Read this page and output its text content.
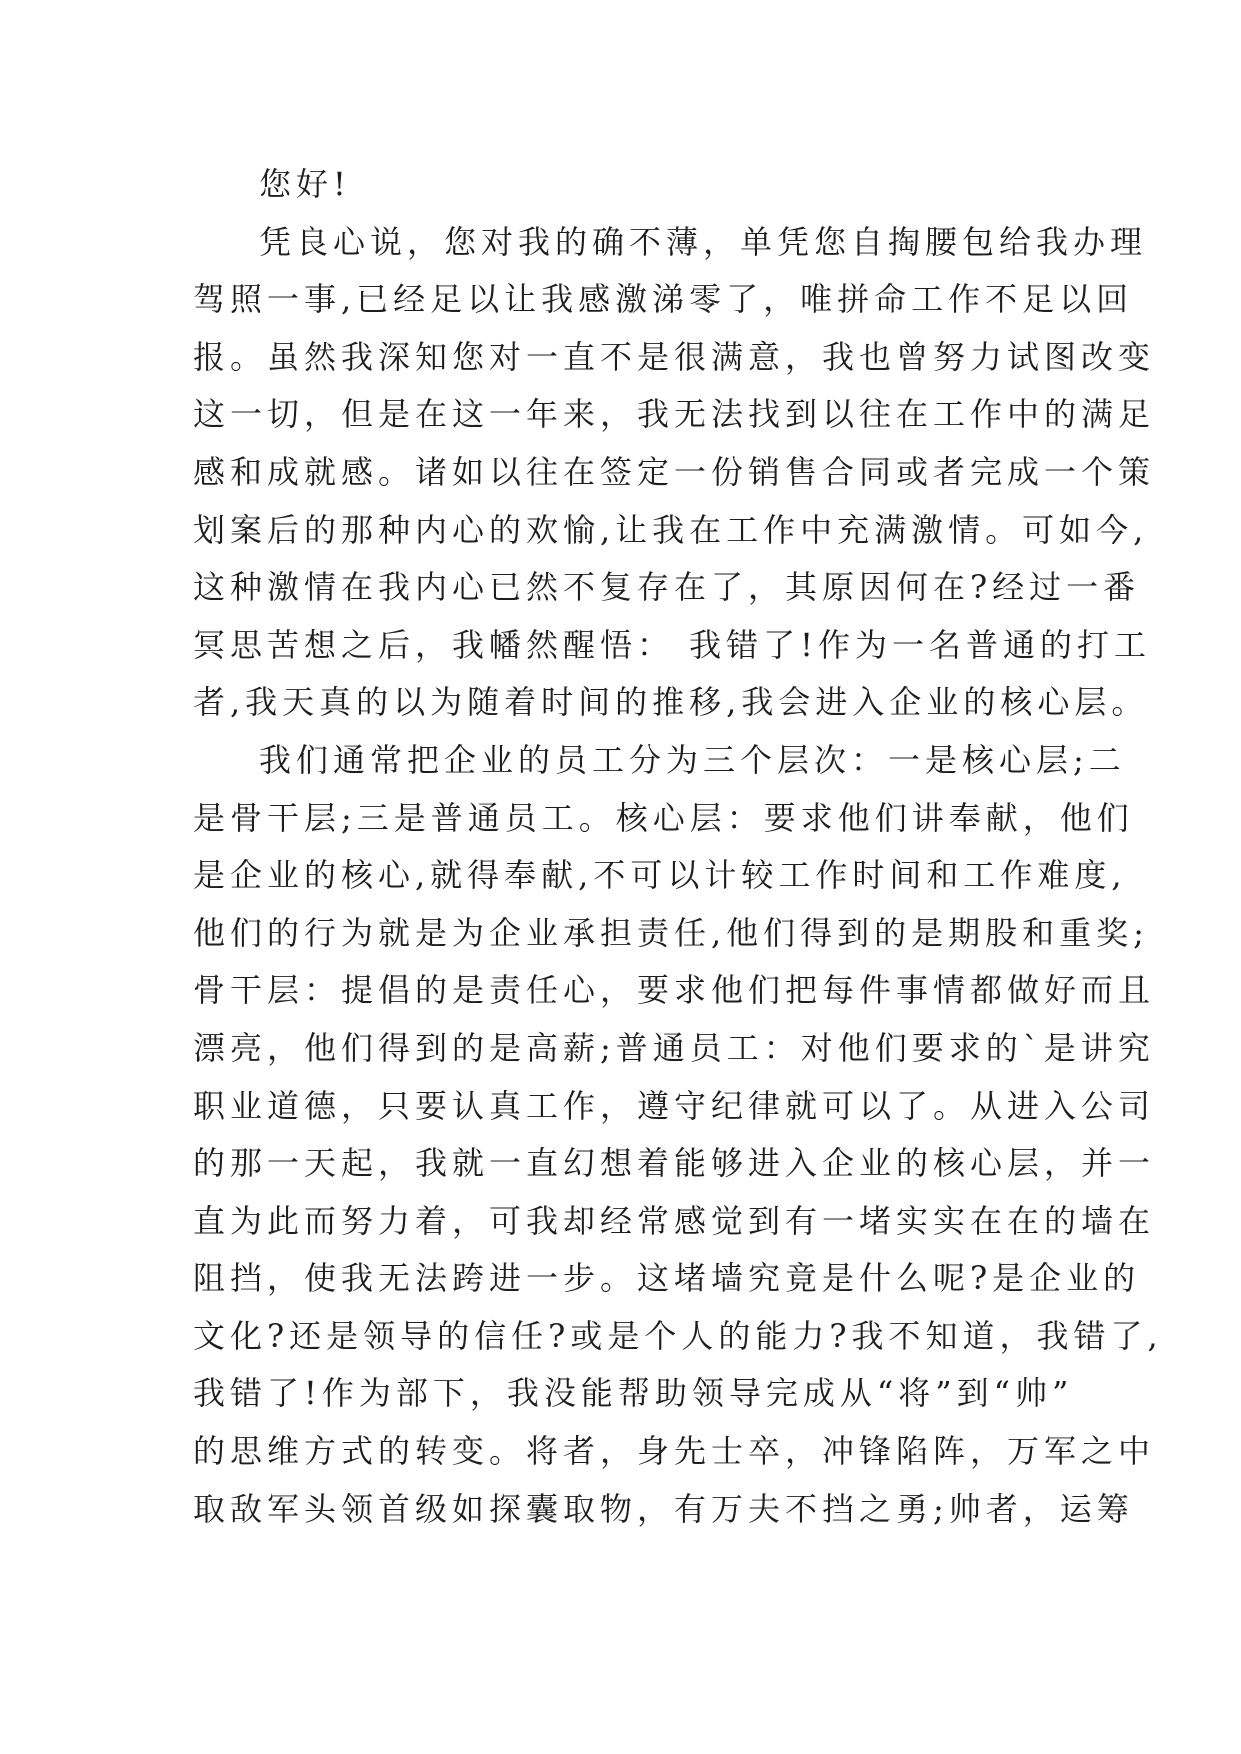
您好!
凭良心说，您对我的确不薄，单凭您自掏腰包给我办理
驾照一事,已经足以让我感激涕零了，唯拼命工作不足以回
报。虽然我深知您对一直不是很满意，我也曾努力试图改变
这一切，但是在这一年来，我无法找到以往在工作中的满足
感和成就感。诸如以往在签定一份销售合同或者完成一个策
划案后的那种内心的欢愉,让我在工作中充满激情。可如今,
这种激情在我内心已然不复存在了，其原因何在?经过一番
冥思苦想之后，我幡然醒悟： 我错了!作为一名普通的打工
者,我天真的以为随着时间的推移,我会进入企业的核心层。
我们通常把企业的员工分为三个层次：一是核心层;二
是骨干层;三是普通员工。核心层：要求他们讲奉献，他们
是企业的核心,就得奉献,不可以计较工作时间和工作难度,
他们的行为就是为企业承担责任,他们得到的是期股和重奖;
骨干层：提倡的是责任心，要求他们把每件事情都做好而且
漂亮，他们得到的是高薪;普通员工：对他们要求的`是讲究
职业道德，只要认真工作，遵守纪律就可以了。从进入公司
的那一天起，我就一直幻想着能够进入企业的核心层，并一
直为此而努力着，可我却经常感觉到有一堵实实在在的墙在
阻挡，使我无法跨进一步。这堵墙究竟是什么呢?是企业的
文化?还是领导的信任?或是个人的能力?我不知道，我错了,
我错了!作为部下，我没能帮助领导完成从“将”到“帅”
的思维方式的转变。将者，身先士卒，冲锋陷阵，万军之中
取敌军头领首级如探囊取物，有万夫不挡之勇;帅者，运筹
